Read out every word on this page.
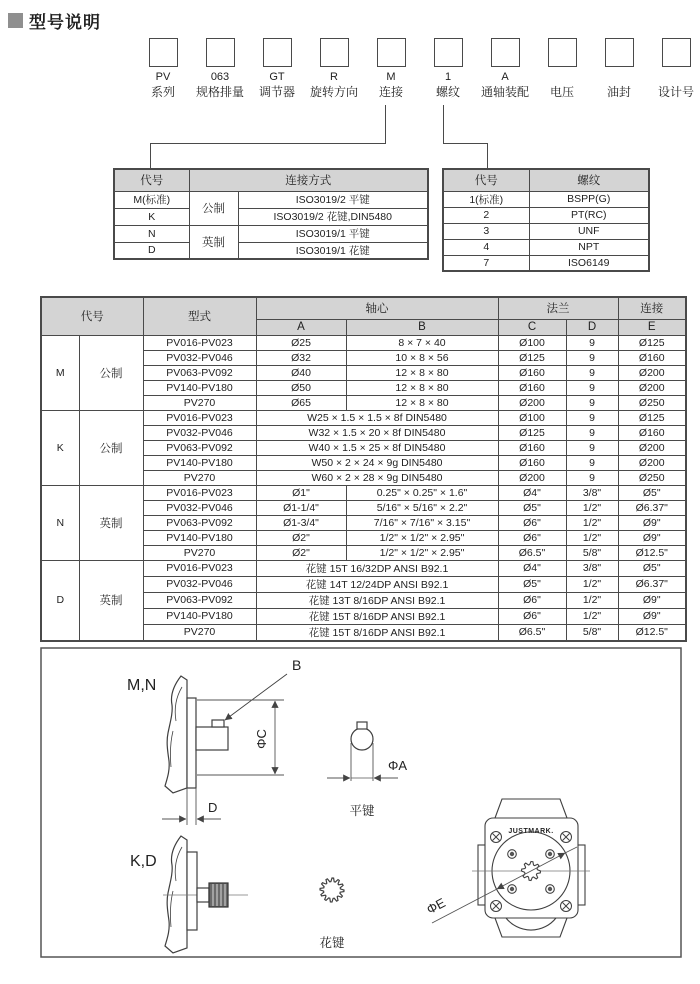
型号说明
PV
系列
063
规格排量
GT
调节器
R
旋转方向
M
连接
1
螺纹
A
通轴装配	电压	油封	设计号
代号	连接方式	
M(标准)	公制	ISO3019/2 平键
K		ISO3019/2 花键,DIN5480
N	英制	ISO3019/1 平键
D		ISO3019/1 花键
代号	螺纹
1(标准)	BSPP(G)
2	PT(RC)
3	UNF
4	NPT
7	ISO6149
代号		型式	轴心		法兰		连接
			A	B	C	D	E
M	公制	PV016-PV023	Ø25	8 × 7 × 40	Ø100	9	Ø125
		PV032-PV046	Ø32	10 × 8 × 56	Ø125	9	Ø160
		PV063-PV092	Ø40	12 × 8 × 80	Ø160	9	Ø200
		PV140-PV180	Ø50	12 × 8 × 80	Ø160	9	Ø200
		PV270	Ø65	12 × 8 × 80	Ø200	9	Ø250
K	公制	PV016-PV023	W25 × 1.5 × 1.5 × 8f DIN5480		Ø100	9	Ø125
		PV032-PV046	W32 × 1.5 × 20 × 8f DIN5480		Ø125	9	Ø160
		PV063-PV092	W40 × 1.5 × 25 × 8f DIN5480		Ø160	9	Ø200
		PV140-PV180	W50 × 2 × 24 × 9g DIN5480		Ø160	9	Ø200
		PV270	W60 × 2 × 28 × 9g DIN5480		Ø200	9	Ø250
N	英制	PV016-PV023	Ø1"	0.25" × 0.25" × 1.6"	Ø4"	3/8"	Ø5"
		PV032-PV046	Ø1-1/4"	5/16" × 5/16" × 2.2"	Ø5"	1/2"	Ø6.37"
		PV063-PV092	Ø1-3/4"	7/16" × 7/16" × 3.15"	Ø6"	1/2"	Ø9"
		PV140-PV180	Ø2"	1/2" × 1/2" × 2.95"	Ø6"	1/2"	Ø9"
		PV270	Ø2"	1/2" × 1/2" × 2.95"	Ø6.5"	5/8"	Ø12.5"
D	英制	PV016-PV023	花键 15T 16/32DP ANSI B92.1		Ø4"	3/8"	Ø5"
		PV032-PV046	花键 14T 12/24DP ANSI B92.1		Ø5"	1/2"	Ø6.37"
		PV063-PV092	花键 13T 8/16DP ANSI B92.1		Ø6"	1/2"	Ø9"
		PV140-PV180	花键 15T 8/16DP ANSI B92.1		Ø6"	1/2"	Ø9"
		PV270	花键 15T 8/16DP ANSI B92.1		Ø6.5"	5/8"	Ø12.5"
M,N
B
ΦC
D
ΦA
平键
K,D
花键
JUSTMARK.
ΦE
